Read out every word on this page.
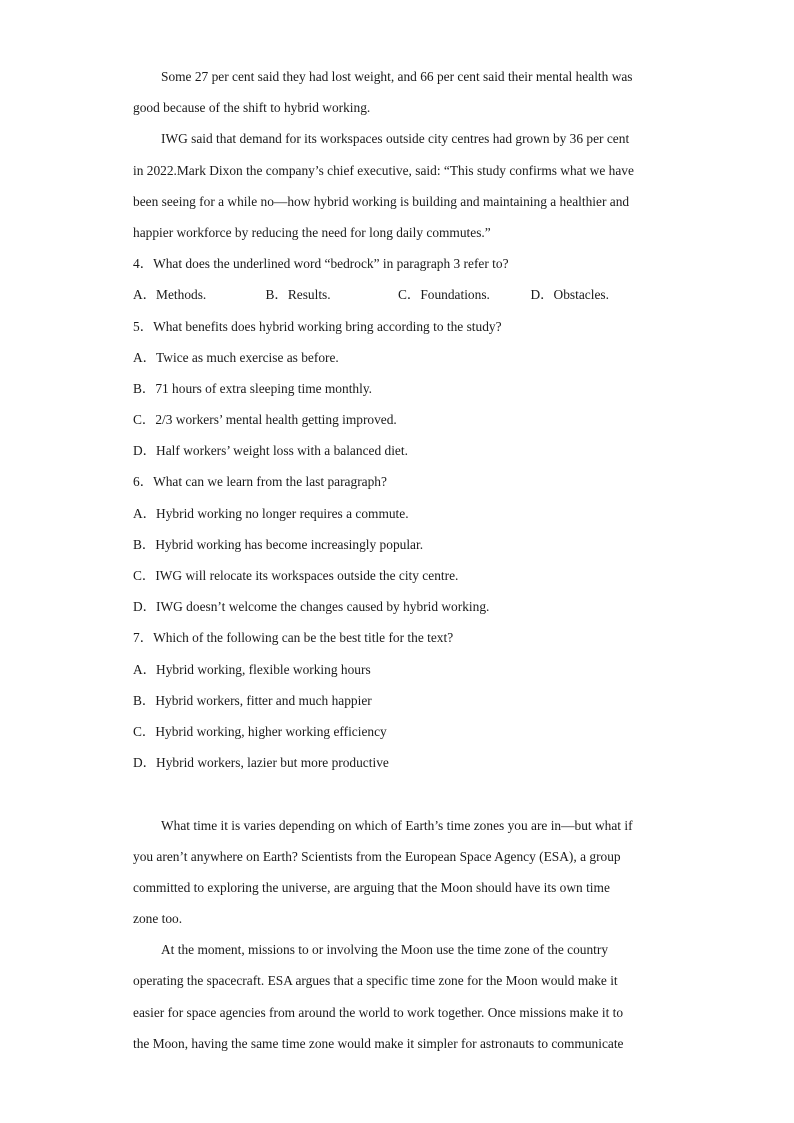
Some 27 per cent said they had lost weight, and 66 per cent said their mental health was

good because of the shift to hybrid working.

IWG said that demand for its workspaces outside city centres had grown by 36 per cent

in 2022.Mark Dixon the company’s chief executive, said: “This study confirms what we have

been seeing for a while no—how hybrid working is building and maintaining a healthier and

happier workforce by reducing the need for long daily commutes.”

4．What does the underlined word “bedrock” in paragraph 3 refer to?

A．Methods.	B．Results.	C．Foundations.	D．Obstacles.

5．What benefits does hybrid working bring according to the study?

A．Twice as much exercise as before.

B．71 hours of extra sleeping time monthly.

C．2/3 workers’ mental health getting improved.

D．Half workers’ weight loss with a balanced diet.

6．What can we learn from the last paragraph?

A．Hybrid working no longer requires a commute.

B．Hybrid working has become increasingly popular.

C．IWG will relocate its workspaces outside the city centre.

D．IWG doesn’t welcome the changes caused by hybrid working.

7．Which of the following can be the best title for the text?

A．Hybrid working, flexible working hours

B．Hybrid workers, fitter and much happier

C．Hybrid working, higher working efficiency

D．Hybrid workers, lazier but more productive

What time it is varies depending on which of Earth’s time zones you are in—but what if

you aren’t anywhere on Earth? Scientists from the European Space Agency (ESA), a group

committed to exploring the universe, are arguing that the Moon should have its own time

zone too.

At the moment, missions to or involving the Moon use the time zone of the country

operating the spacecraft. ESA argues that a specific time zone for the Moon would make it

easier for space agencies from around the world to work together. Once missions make it to

the Moon, having the same time zone would make it simpler for astronauts to communicate
